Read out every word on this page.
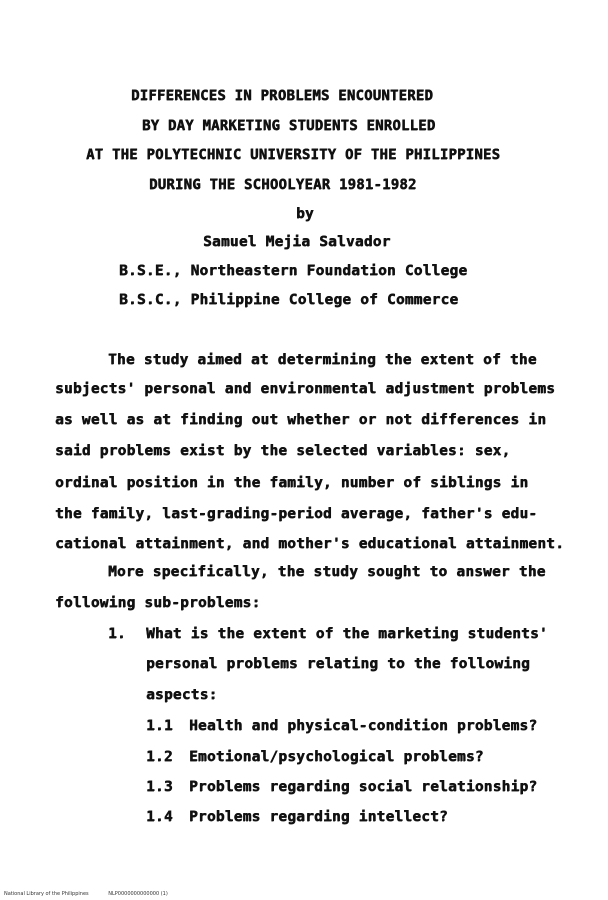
DIFFERENCES IN PROBLEMS ENCOUNTERED
BY DAY MARKETING STUDENTS ENROLLED
AT THE POLYTECHNIC UNIVERSITY OF THE PHILIPPINES
DURING THE SCHOOLYEAR 1981-1982
by
Samuel Mejia Salvador
B.S.E., Northeastern Foundation College
B.S.C., Philippine College of Commerce
The study aimed at determining the extent of the
subjects' personal and environmental adjustment problems
as well as at finding out whether or not differences in
said problems exist by the selected variables: sex,
ordinal position in the family, number of siblings in
the family, last-grading-period average, father's edu-
cational attainment, and mother's educational attainment.
More specifically, the study sought to answer the
following sub-problems:
1. What is the extent of the marketing students'
personal problems relating to the following
aspects:
1.1 Health and physical-condition problems?
1.2 Emotional/psychological problems?
1.3 Problems regarding social relationship?
1.4 Problems regarding intellect?
National Library of the Philippines	NLP0000000000000 (1)
